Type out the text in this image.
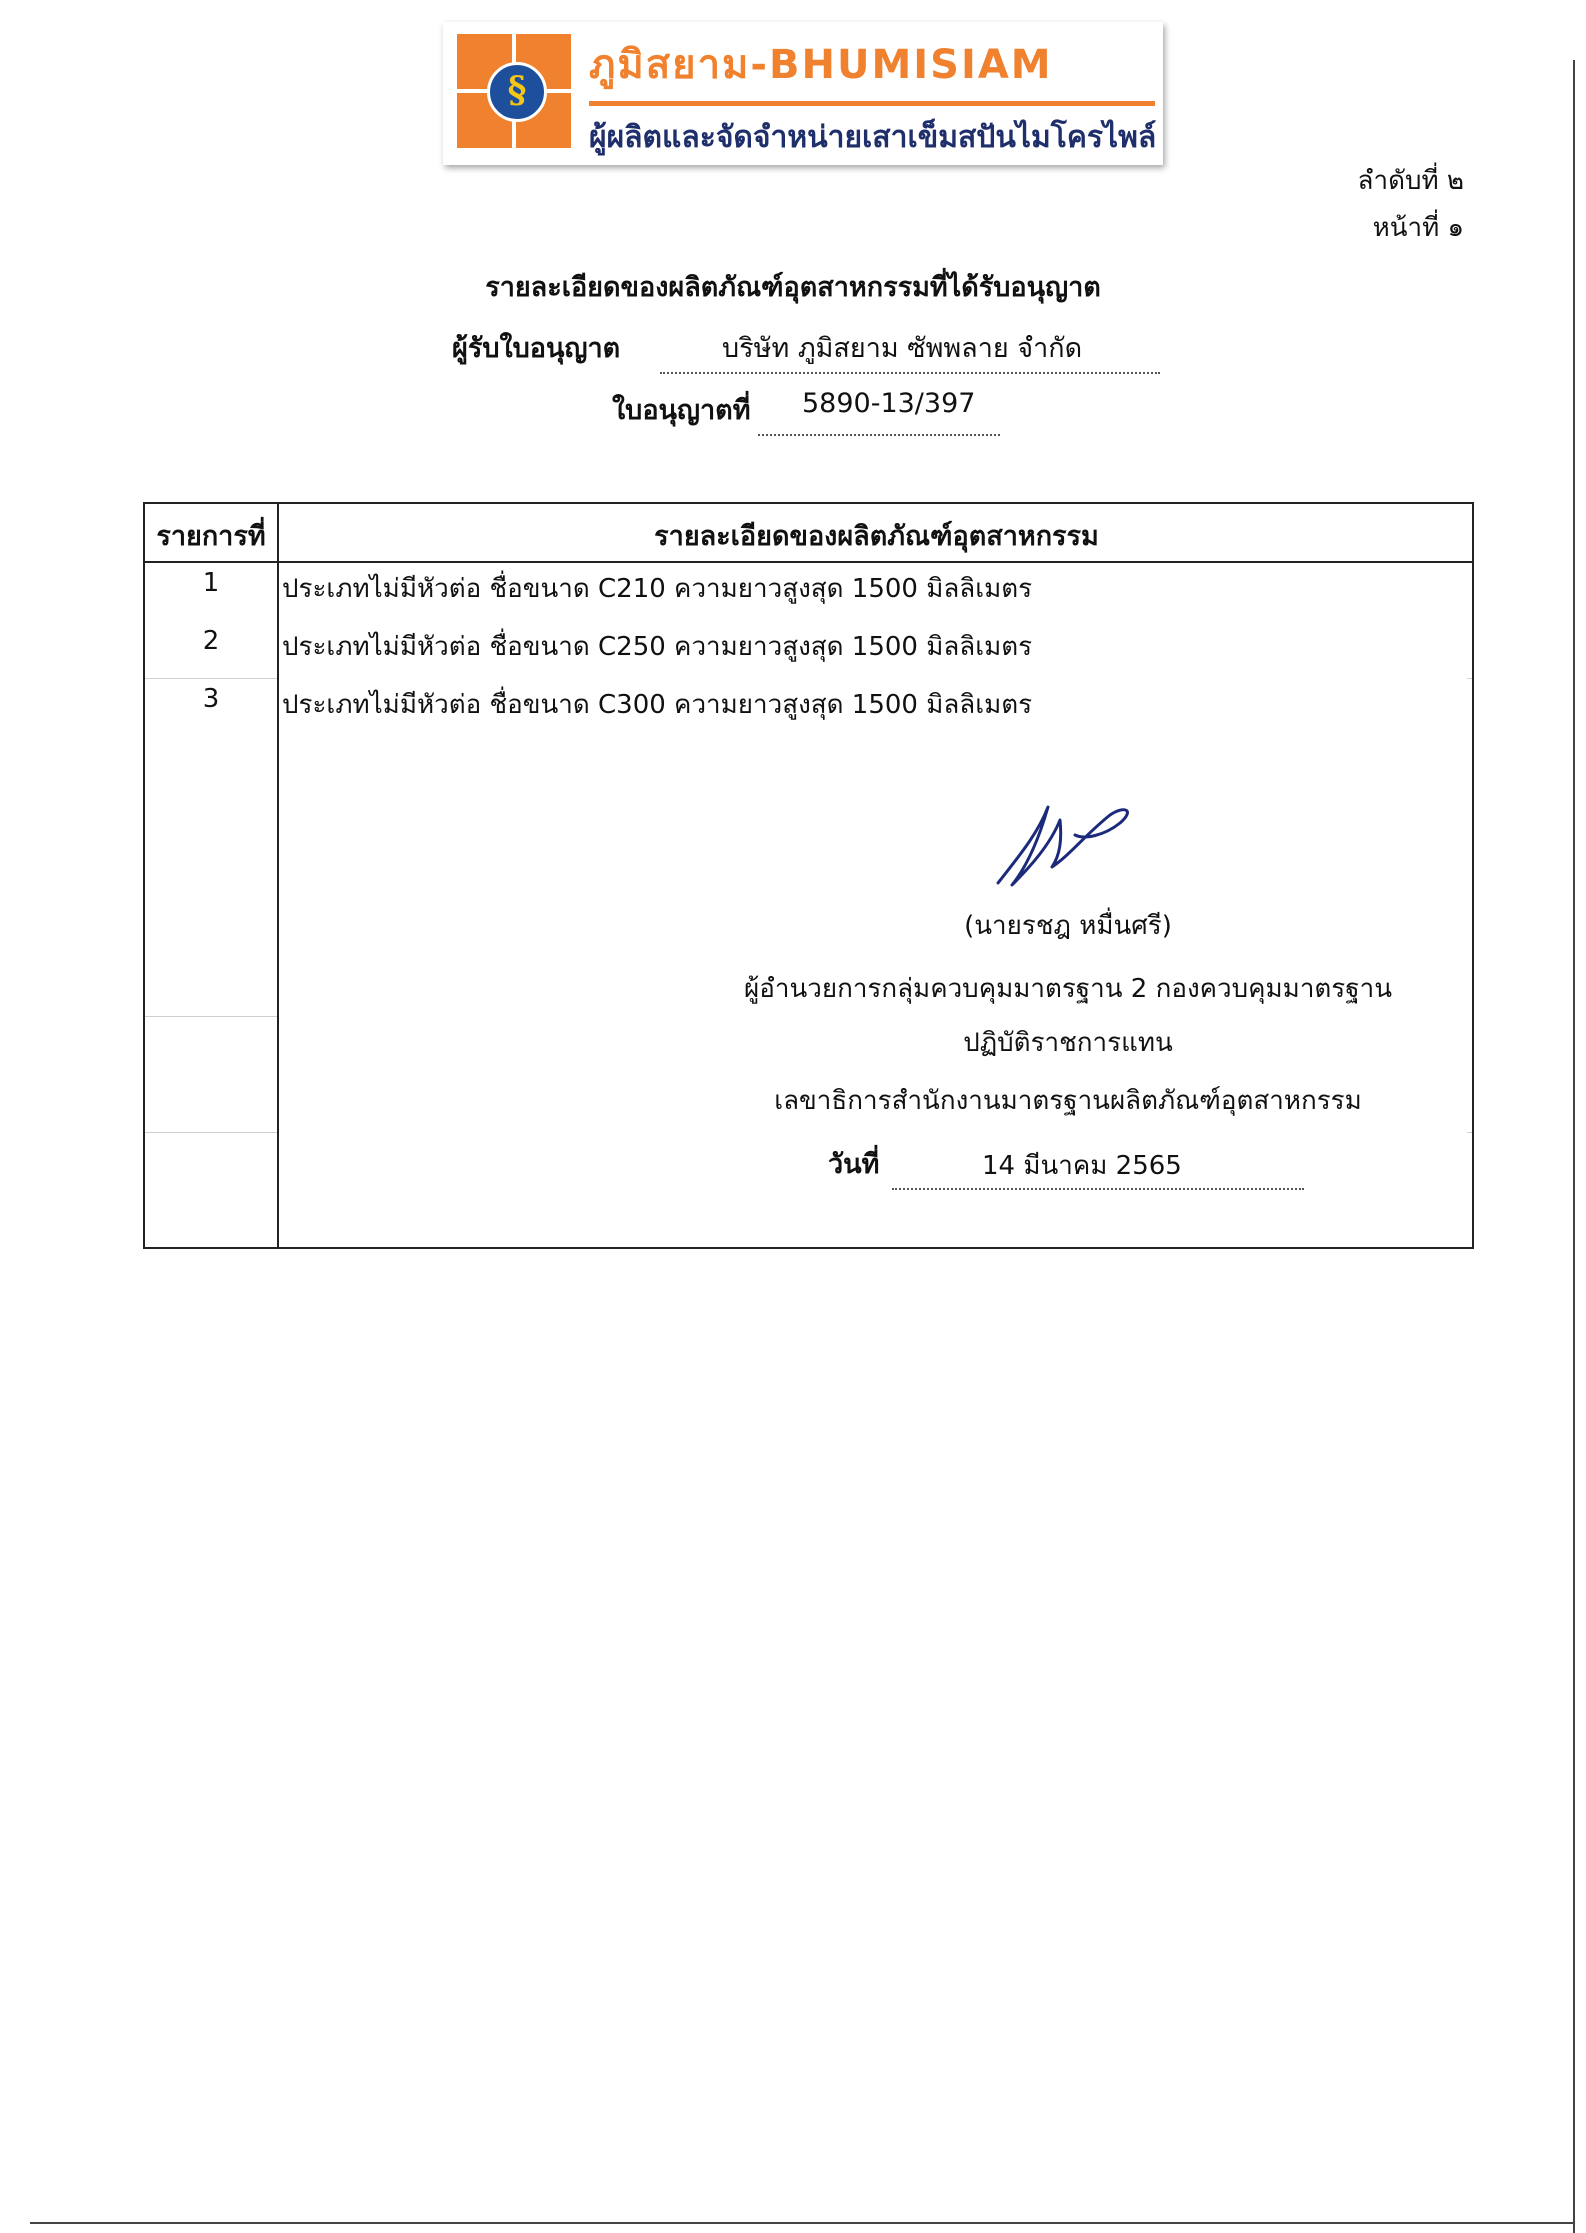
§
ภูมิสยาม-BHUMISIAM
ผู้ผลิตและจัดจำหน่ายเสาเข็มสปันไมโครไพล์
ลำดับที่ ๒
หน้าที่ ๑
รายละเอียดของผลิตภัณฑ์อุตสาหกรรมที่ได้รับอนุญาต
ผู้รับใบอนุญาต	บริษัท ภูมิสยาม ซัพพลาย จำกัด
ใบอนุญาตที่ 5890-13/397
รายการที่	รายละเอียดของผลิตภัณฑ์อุตสาหกรรม
1	ประเภทไม่มีหัวต่อ ชื่อขนาด C210 ความยาวสูงสุด 1500 มิลลิเมตร
2	ประเภทไม่มีหัวต่อ ชื่อขนาด C250 ความยาวสูงสุด 1500 มิลลิเมตร
3	ประเภทไม่มีหัวต่อ ชื่อขนาด C300 ความยาวสูงสุด 1500 มิลลิเมตร
(นายรชฎ หมื่นศรี)
ผู้อำนวยการกลุ่มควบคุมมาตรฐาน 2 กองควบคุมมาตรฐาน
ปฏิบัติราชการแทน
เลขาธิการสำนักงานมาตรฐานผลิตภัณฑ์อุตสาหกรรม
วันที่	14 มีนาคม 2565
